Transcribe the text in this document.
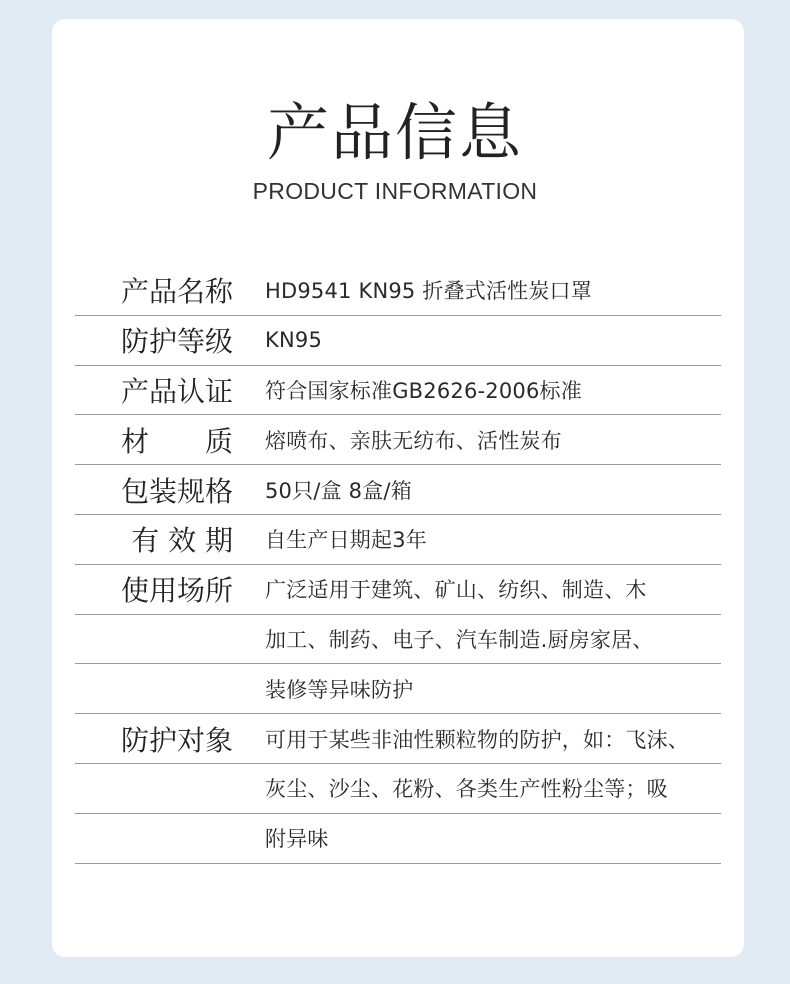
产品信息
PRODUCT INFORMATION
产品名称 HD9541 KN95 折叠式活性炭口罩
防护等级 KN95
产品认证 符合国家标准GB2626-2006标准
材　　质 熔喷布、亲肤无纺布、活性炭布
包装规格 50只/盒 8盒/箱
有 效 期 自生产日期起3年
使用场所 广泛适用于建筑、矿山、纺织、制造、木
加工、制药、电子、汽车制造.厨房家居、
装修等异味防护
防护对象 可用于某些非油性颗粒物的防护，如：飞沫、
灰尘、沙尘、花粉、各类生产性粉尘等；吸
附异味
